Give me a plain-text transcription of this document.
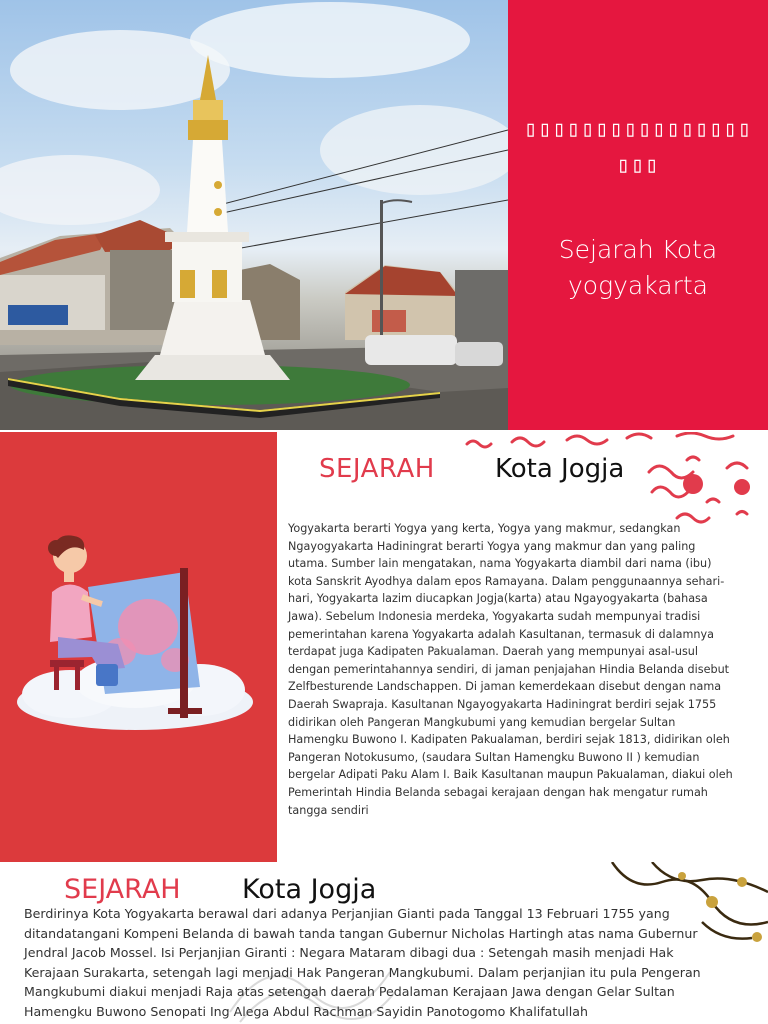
▯▯▯▯▯▯▯▯▯▯▯▯▯▯▯▯▯▯▯
Sejarah Kota
yogyakarta
SEJARAH Kota Jogja

Yogyakarta berarti Yogya yang kerta, Yogya yang makmur, sedangkan Ngayogyakarta Hadiningrat berarti Yogya yang makmur dan yang paling utama. Sumber lain mengatakan, nama Yogyakarta diambil dari nama (ibu) kota Sanskrit Ayodhya dalam epos Ramayana. Dalam penggunaannya sehari-hari, Yogyakarta lazim diucapkan Jogja(karta) atau Ngayogyakarta (bahasa Jawa). Sebelum Indonesia merdeka, Yogyakarta sudah mempunyai tradisi pemerintahan karena Yogyakarta adalah Kasultanan, termasuk di dalamnya terdapat juga Kadipaten Pakualaman. Daerah yang mempunyai asal-usul dengan pemerintahannya sendiri, di jaman penjajahan Hindia Belanda disebut Zelfbesturende Landschappen. Di jaman kemerdekaan disebut dengan nama Daerah Swapraja. Kasultanan Ngayogyakarta Hadiningrat berdiri sejak 1755 didirikan oleh Pangeran Mangkubumi yang kemudian bergelar Sultan Hamengku Buwono I. Kadipaten Pakualaman, berdiri sejak 1813, didirikan oleh Pangeran Notokusumo, (saudara Sultan Hamengku Buwono II ) kemudian bergelar Adipati Paku Alam I. Baik Kasultanan maupun Pakualaman, diakui oleh Pemerintah Hindia Belanda sebagai kerajaan dengan hak mengatur rumah tangga sendiri

SEJARAH Kota Jogja

Berdirinya Kota Yogyakarta berawal dari adanya Perjanjian Gianti pada Tanggal 13 Februari 1755 yang ditandatangani Kompeni Belanda di bawah tanda tangan Gubernur Nicholas Hartingh atas nama Gubernur Jendral Jacob Mossel. Isi Perjanjian Giranti : Negara Mataram dibagi dua : Setengah masih menjadi Hak Kerajaan Surakarta, setengah lagi menjadi Hak Pangeran Mangkubumi. Dalam perjanjian itu pula Pengeran Mangkubumi diakui menjadi Raja atas setengah daerah Pedalaman Kerajaan Jawa dengan Gelar Sultan Hamengku Buwono Senopati Ing Alega Abdul Rachman Sayidin Panotogomo Khalifatullah
